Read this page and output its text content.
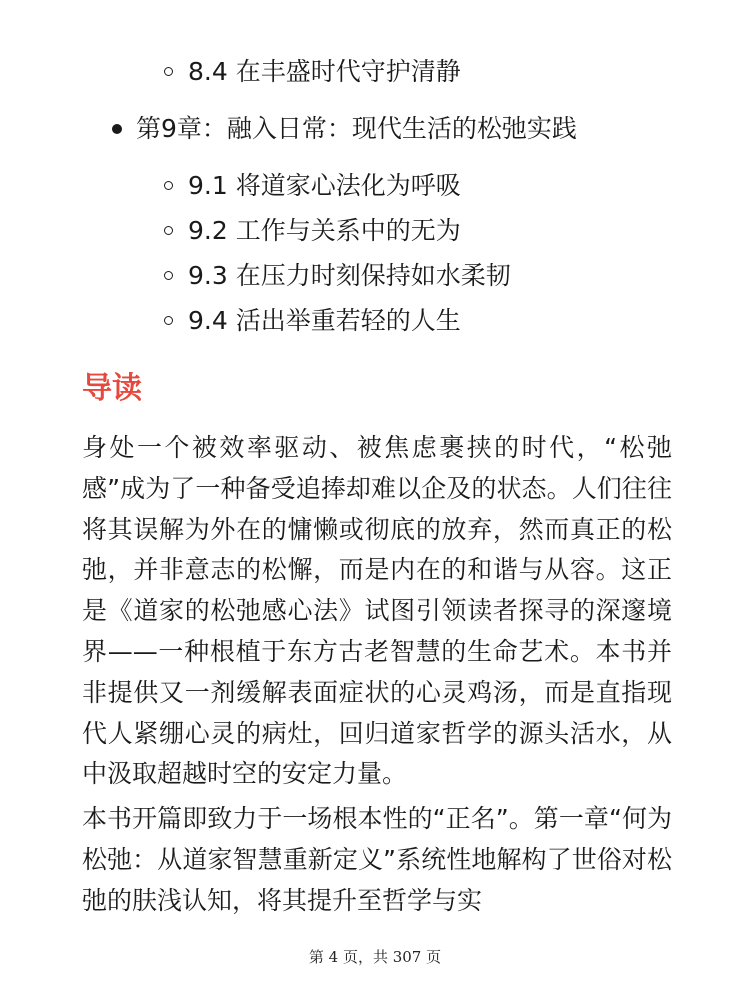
8.4 在丰盛时代守护清静
第9章：融入日常：现代生活的松弛实践
9.1 将道家心法化为呼吸
9.2 工作与关系中的无为
9.3 在压力时刻保持如水柔韧
9.4 活出举重若轻的人生
导读

身处一个被效率驱动、被焦虑裹挟的时代，“松弛感”成为了一种备受追捧却难以企及的状态。人们往往将其误解为外在的慵懒或彻底的放弃，然而真正的松弛，并非意志的松懈，而是内在的和谐与从容。这正是《道家的松弛感心法》试图引领读者探寻的深邃境界——一种根植于东方古老智慧的生命艺术。本书并非提供又一剂缓解表面症状的心灵鸡汤，而是直指现代人紧绷心灵的病灶，回归道家哲学的源头活水，从中汲取超越时空的安定力量。

本书开篇即致力于一场根本性的“正名”。第一章“何为松弛：从道家智慧重新定义”系统性地解构了世俗对松弛的肤浅认知，将其提升至哲学与实

第 4 页，共 307 页
